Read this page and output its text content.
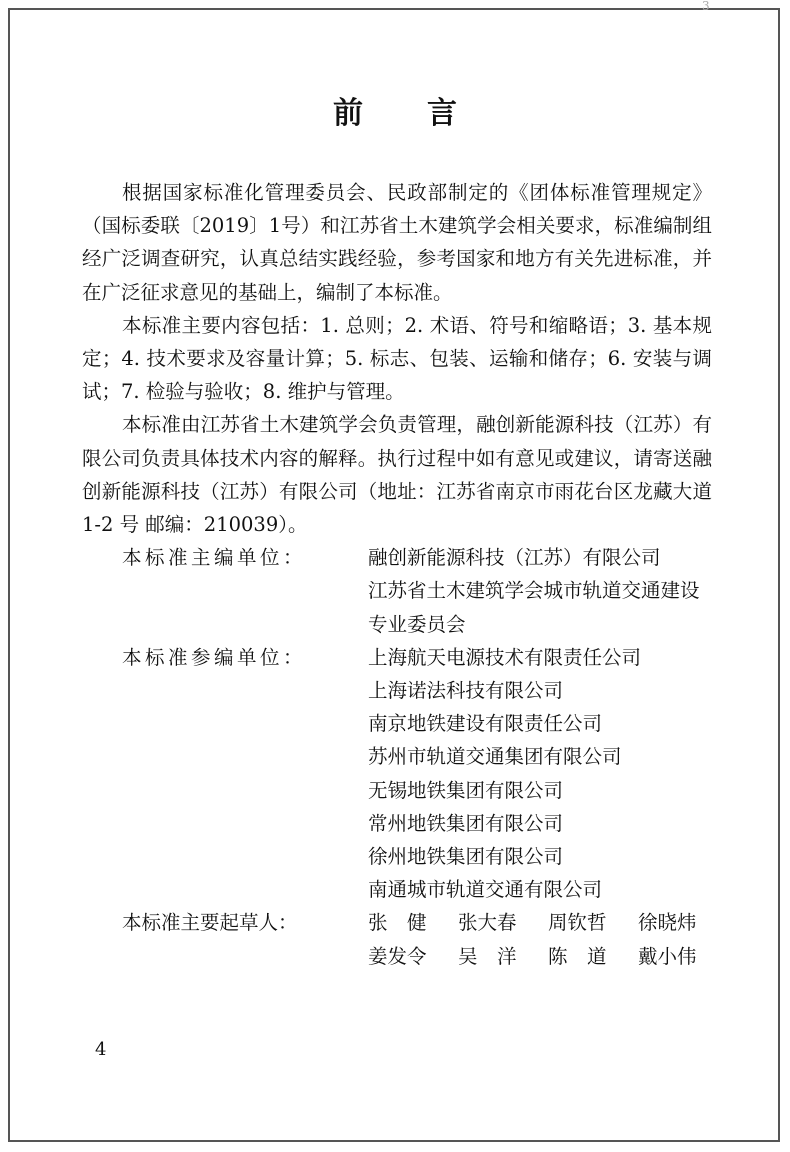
3
前 言

根据国家标准化管理委员会、民政部制定的《团体标准管理规定》（国标委联〔2019〕1号）和江苏省土木建筑学会相关要求，标准编制组经广泛调查研究，认真总结实践经验，参考国家和地方有关先进标准，并在广泛征求意见的基础上，编制了本标准。

本标准主要内容包括：1. 总则；2. 术语、符号和缩略语；3. 基本规定；4. 技术要求及容量计算；5. 标志、包装、运输和储存；6. 安装与调试；7. 检验与验收；8. 维护与管理。

本标准由江苏省土木建筑学会负责管理，融创新能源科技（江苏）有限公司负责具体技术内容的解释。执行过程中如有意见或建议，请寄送融创新能源科技（江苏）有限公司（地址：江苏省南京市雨花台区龙藏大道 1-2 号 邮编：210039）。

本标准主编单位：	融创新能源科技（江苏）有限公司
江苏省土木建筑学会城市轨道交通建设
专业委员会
本标准参编单位：	上海航天电源技术有限责任公司
上海诺法科技有限公司
南京地铁建设有限责任公司
苏州市轨道交通集团有限公司
无锡地铁集团有限公司
常州地铁集团有限公司
徐州地铁集团有限公司
南通城市轨道交通有限公司
本标准主要起草人：	张　健	张大春	周钦哲	徐晓炜
姜发令	吴　洋	陈　道	戴小伟
4
